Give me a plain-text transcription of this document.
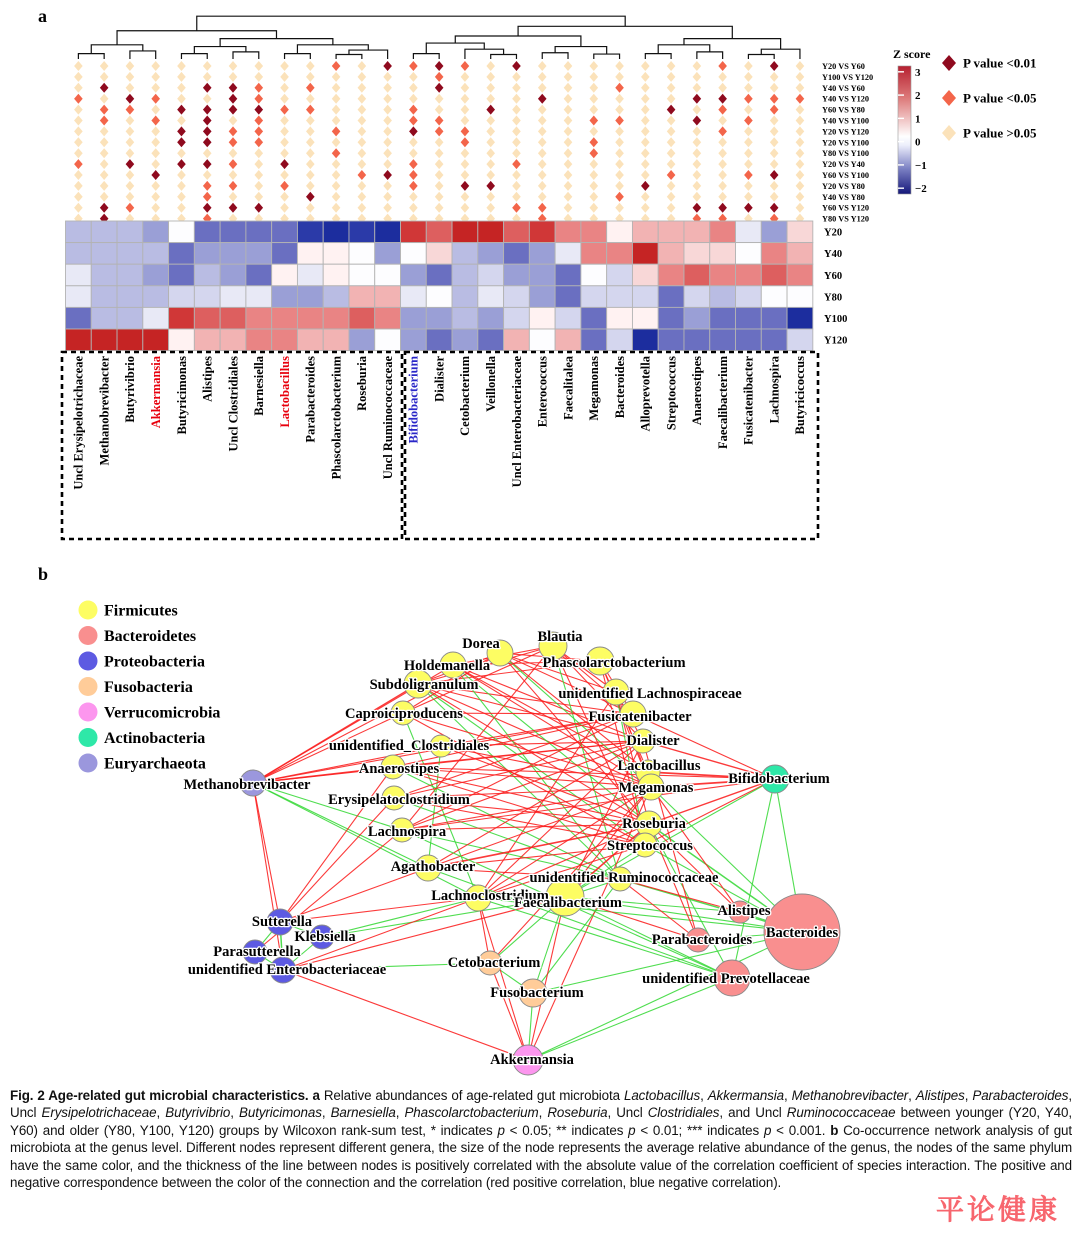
a
b
Y20 VS Y60
Y100 VS Y120
Y40 VS Y60
Y40 VS Y120
Y60 VS Y80
Y40 VS Y100
Y20 VS Y120
Y20 VS Y100
Y80 VS Y100
Y20 VS Y40
Y60 VS Y100
Y20 VS Y80
Y40 VS Y80
Y60 VS Y120
Y80 VS Y120
Y20
Y40
Y60
Y80
Y100
Y120
Uncl Erysipelotrichaceae Methanobrevibacter Butyrivibrio Akkermansia Butyricimonas Alistipes Uncl Clostridiales Barnesiella Lactobacillus Parabacteroides Phascolarctobacterium Roseburia Uncl Ruminococcaceae Bifidobacterium Dialister Cetobacterium Veillonella Uncl Enterobacteriaceae Enterococcus Faecalitalea Megamonas Bacteroides Alloprevotella Streptococcus Anaerostipes Faecalibacterium Fusicatenibacter Lachnospira Butyricicoccus
Z score
3
2
1
0
−1
−2
P value <0.01
P value <0.05
P value >0.05
Firmicutes
Bacteroidetes
Proteobacteria
Fusobacteria
Verrucomicrobia
Actinobacteria
Euryarchaeota
Methanobrevibacter
Subdoligranulum
Holdemanella
Dorea	Blautia
Phascolarctobacterium
unidentified Lachnospiraceae
Caproiciproducens	Fusicatenibacter
unidentified_Clostridiales	Dialister
Anaerostipes	Lactobacillus
Erysipelatoclostridium
Megamonas
Lachnospira	Roseburia
Agathobacter
Streptococcus
unidentified Ruminococcaceae
Lachnoclostridium
Faecalibacterium
Bifidobacterium
Sutterella
Klebsiella
Parasutterella
unidentified Enterobacteriaceae	Cetobacterium
Fusobacterium
Akkermansia
Alistipes
Parabacteroides Bacteroides
unidentified Prevotellaceae
Fig. 2 Age-related gut microbial characteristics. a Relative abundances of age-related gut microbiota Lactobacillus, Akkermansia, Methanobrevibacter, Alistipes, Parabacteroides, Uncl Erysipelotrichaceae, Butyrivibrio, Butyricimonas, Barnesiella, Phascolarctobacterium, Roseburia, Uncl Clostridiales, and Uncl Ruminococcaceae between younger (Y20, Y40, Y60) and older (Y80, Y100, Y120) groups by Wilcoxon rank-sum test, * indicates p < 0.05; ** indicates p < 0.01; *** indicates p < 0.001. b Co-occurrence network analysis of gut microbiota at the genus level. Different nodes represent different genera, the size of the node represents the average relative abundance of the genus, the nodes of the same phylum have the same color, and the thickness of the line between nodes is positively correlated with the absolute value of the correlation coefficient of species interaction. The positive and negative correspondence between the color of the connection and the correlation (red positive correlation, blue negative correlation).
平论健康
